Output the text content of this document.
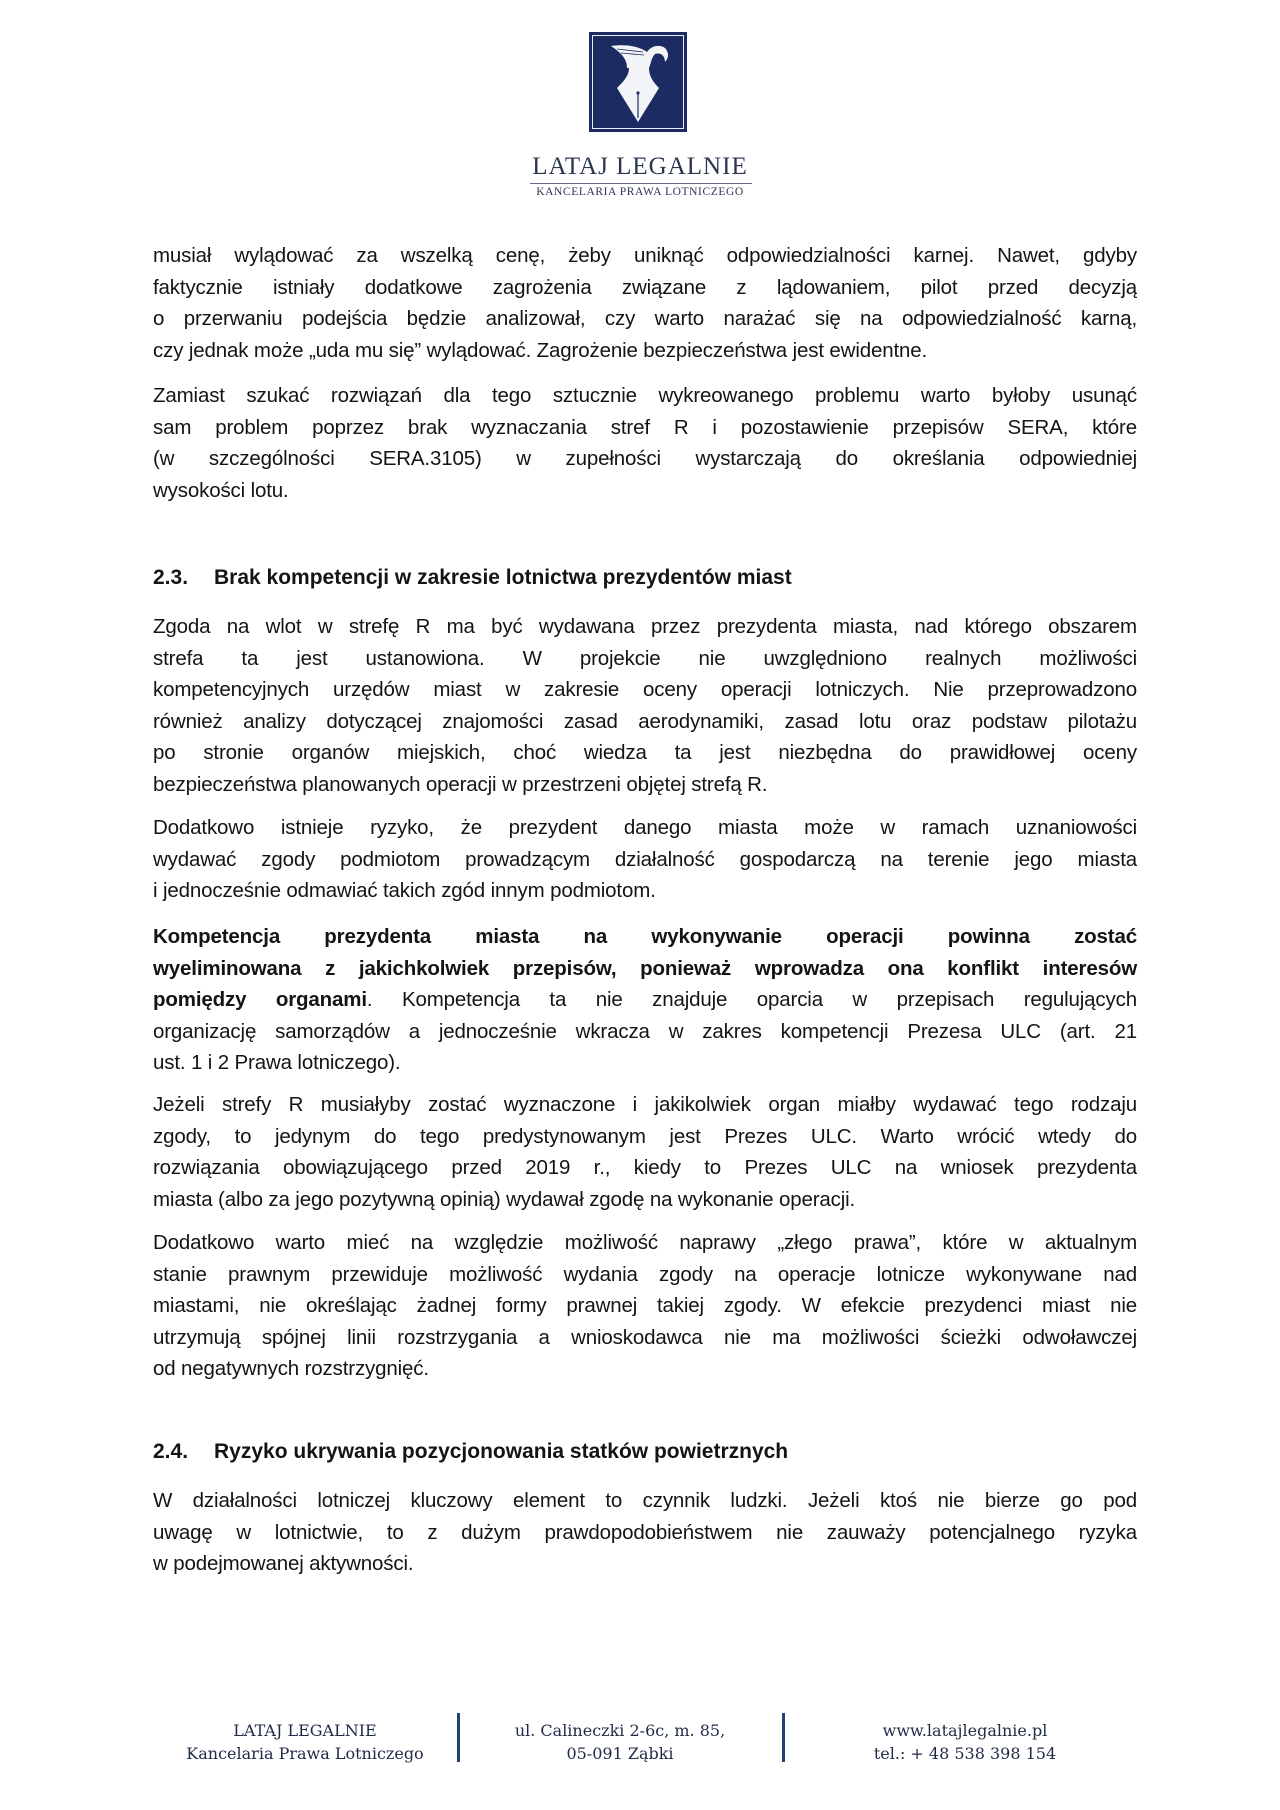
LATAJ LEGALNIE
KANCELARIA PRAWA LOTNICZEGO
musiał wylądować za wszelką cenę, żeby uniknąć odpowiedzialności karnej. Nawet, gdyby
faktycznie istniały dodatkowe zagrożenia związane z lądowaniem, pilot przed decyzją
o przerwaniu podejścia będzie analizował, czy warto narażać się na odpowiedzialność karną,
czy jednak może „uda mu się” wylądować. Zagrożenie bezpieczeństwa jest ewidentne.
Zamiast szukać rozwiązań dla tego sztucznie wykreowanego problemu warto byłoby usunąć
sam problem poprzez brak wyznaczania stref R i pozostawienie przepisów SERA, które
(w szczególności SERA.3105) w zupełności wystarczają do określania odpowiedniej
wysokości lotu.
2.3. Brak kompetencji w zakresie lotnictwa prezydentów miast
Zgoda na wlot w strefę R ma być wydawana przez prezydenta miasta, nad którego obszarem
strefa ta jest ustanowiona. W projekcie nie uwzględniono realnych możliwości
kompetencyjnych urzędów miast w zakresie oceny operacji lotniczych. Nie przeprowadzono
również analizy dotyczącej znajomości zasad aerodynamiki, zasad lotu oraz podstaw pilotażu
po stronie organów miejskich, choć wiedza ta jest niezbędna do prawidłowej oceny
bezpieczeństwa planowanych operacji w przestrzeni objętej strefą R.
Dodatkowo istnieje ryzyko, że prezydent danego miasta może w ramach uznaniowości
wydawać zgody podmiotom prowadzącym działalność gospodarczą na terenie jego miasta
i jednocześnie odmawiać takich zgód innym podmiotom.
Kompetencja prezydenta miasta na wykonywanie operacji powinna zostać
wyeliminowana z jakichkolwiek przepisów, ponieważ wprowadza ona konflikt interesów
pomiędzy organami. Kompetencja ta nie znajduje oparcia w przepisach regulujących
organizację samorządów a jednocześnie wkracza w zakres kompetencji Prezesa ULC (art. 21
ust. 1 i 2 Prawa lotniczego).
Jeżeli strefy R musiałyby zostać wyznaczone i jakikolwiek organ miałby wydawać tego rodzaju
zgody, to jedynym do tego predystynowanym jest Prezes ULC. Warto wrócić wtedy do
rozwiązania obowiązującego przed 2019 r., kiedy to Prezes ULC na wniosek prezydenta
miasta (albo za jego pozytywną opinią) wydawał zgodę na wykonanie operacji.
Dodatkowo warto mieć na względzie możliwość naprawy „złego prawa”, które w aktualnym
stanie prawnym przewiduje możliwość wydania zgody na operacje lotnicze wykonywane nad
miastami, nie określając żadnej formy prawnej takiej zgody. W efekcie prezydenci miast nie
utrzymują spójnej linii rozstrzygania a wnioskodawca nie ma możliwości ścieżki odwoławczej
od negatywnych rozstrzygnięć.
2.4. Ryzyko ukrywania pozycjonowania statków powietrznych
W działalności lotniczej kluczowy element to czynnik ludzki. Jeżeli ktoś nie bierze go pod
uwagę w lotnictwie, to z dużym prawdopodobieństwem nie zauważy potencjalnego ryzyka
w podejmowanej aktywności.
LATAJ LEGALNIE
Kancelaria Prawa Lotniczego
ul. Calineczki 2-6c, m. 85,
05-091 Ząbki
www.latajlegalnie.pl
tel.: + 48 538 398 154
